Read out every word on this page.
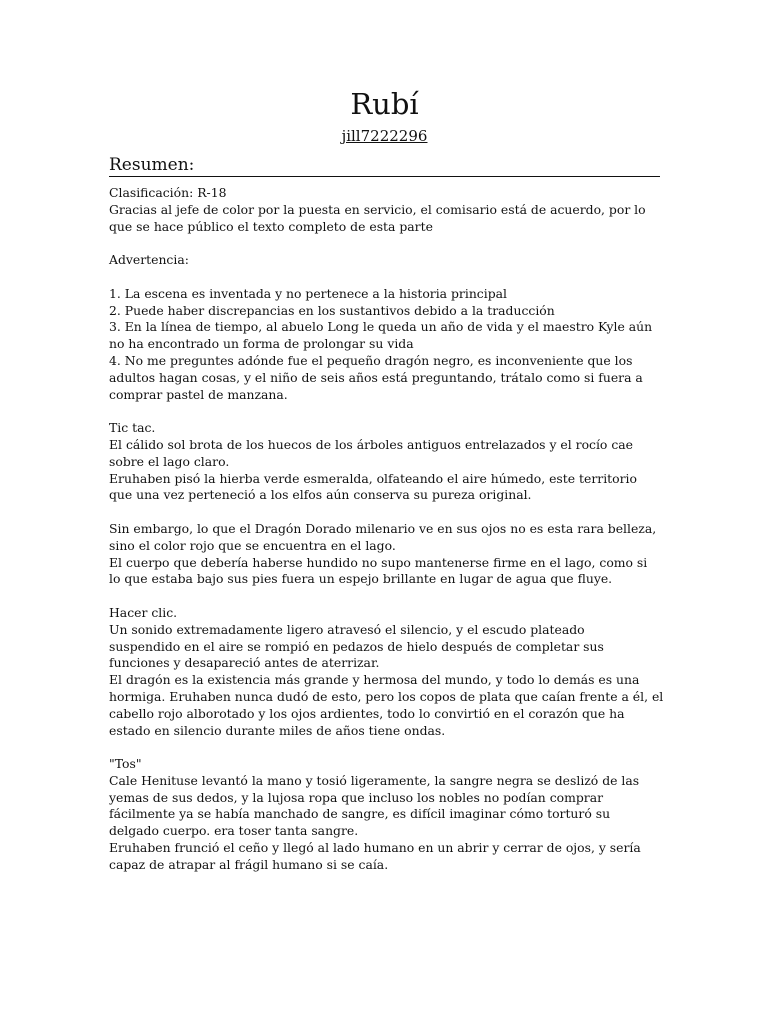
Rubí
jill7222296
Resumen:
Clasificación: R-18
Gracias al jefe de color por la puesta en servicio, el comisario está de acuerdo, por lo
que se hace público el texto completo de esta parte
Advertencia:
1. La escena es inventada y no pertenece a la historia principal
2. Puede haber discrepancias en los sustantivos debido a la traducción
3. En la línea de tiempo, al abuelo Long le queda un año de vida y el maestro Kyle aún
no ha encontrado un forma de prolongar su vida
4. No me preguntes adónde fue el pequeño dragón negro, es inconveniente que los
adultos hagan cosas, y el niño de seis años está preguntando, trátalo como si fuera a
comprar pastel de manzana.
Tic tac.
El cálido sol brota de los huecos de los árboles antiguos entrelazados y el rocío cae
sobre el lago claro.
Eruhaben pisó la hierba verde esmeralda, olfateando el aire húmedo, este territorio
que una vez perteneció a los elfos aún conserva su pureza original.
Sin embargo, lo que el Dragón Dorado milenario ve en sus ojos no es esta rara belleza,
sino el color rojo que se encuentra en el lago.
El cuerpo que debería haberse hundido no supo mantenerse firme en el lago, como si
lo que estaba bajo sus pies fuera un espejo brillante en lugar de agua que fluye.
Hacer clic.
Un sonido extremadamente ligero atravesó el silencio, y el escudo plateado
suspendido en el aire se rompió en pedazos de hielo después de completar sus
funciones y desapareció antes de aterrizar.
El dragón es la existencia más grande y hermosa del mundo, y todo lo demás es una
hormiga. Eruhaben nunca dudó de esto, pero los copos de plata que caían frente a él, el
cabello rojo alborotado y los ojos ardientes, todo lo convirtió en el corazón que ha
estado en silencio durante miles de años tiene ondas.
"Tos"
Cale Henituse levantó la mano y tosió ligeramente, la sangre negra se deslizó de las
yemas de sus dedos, y la lujosa ropa que incluso los nobles no podían comprar
fácilmente ya se había manchado de sangre, es difícil imaginar cómo torturó su
delgado cuerpo. era toser tanta sangre.
Eruhaben frunció el ceño y llegó al lado humano en un abrir y cerrar de ojos, y sería
capaz de atrapar al frágil humano si se caía.
